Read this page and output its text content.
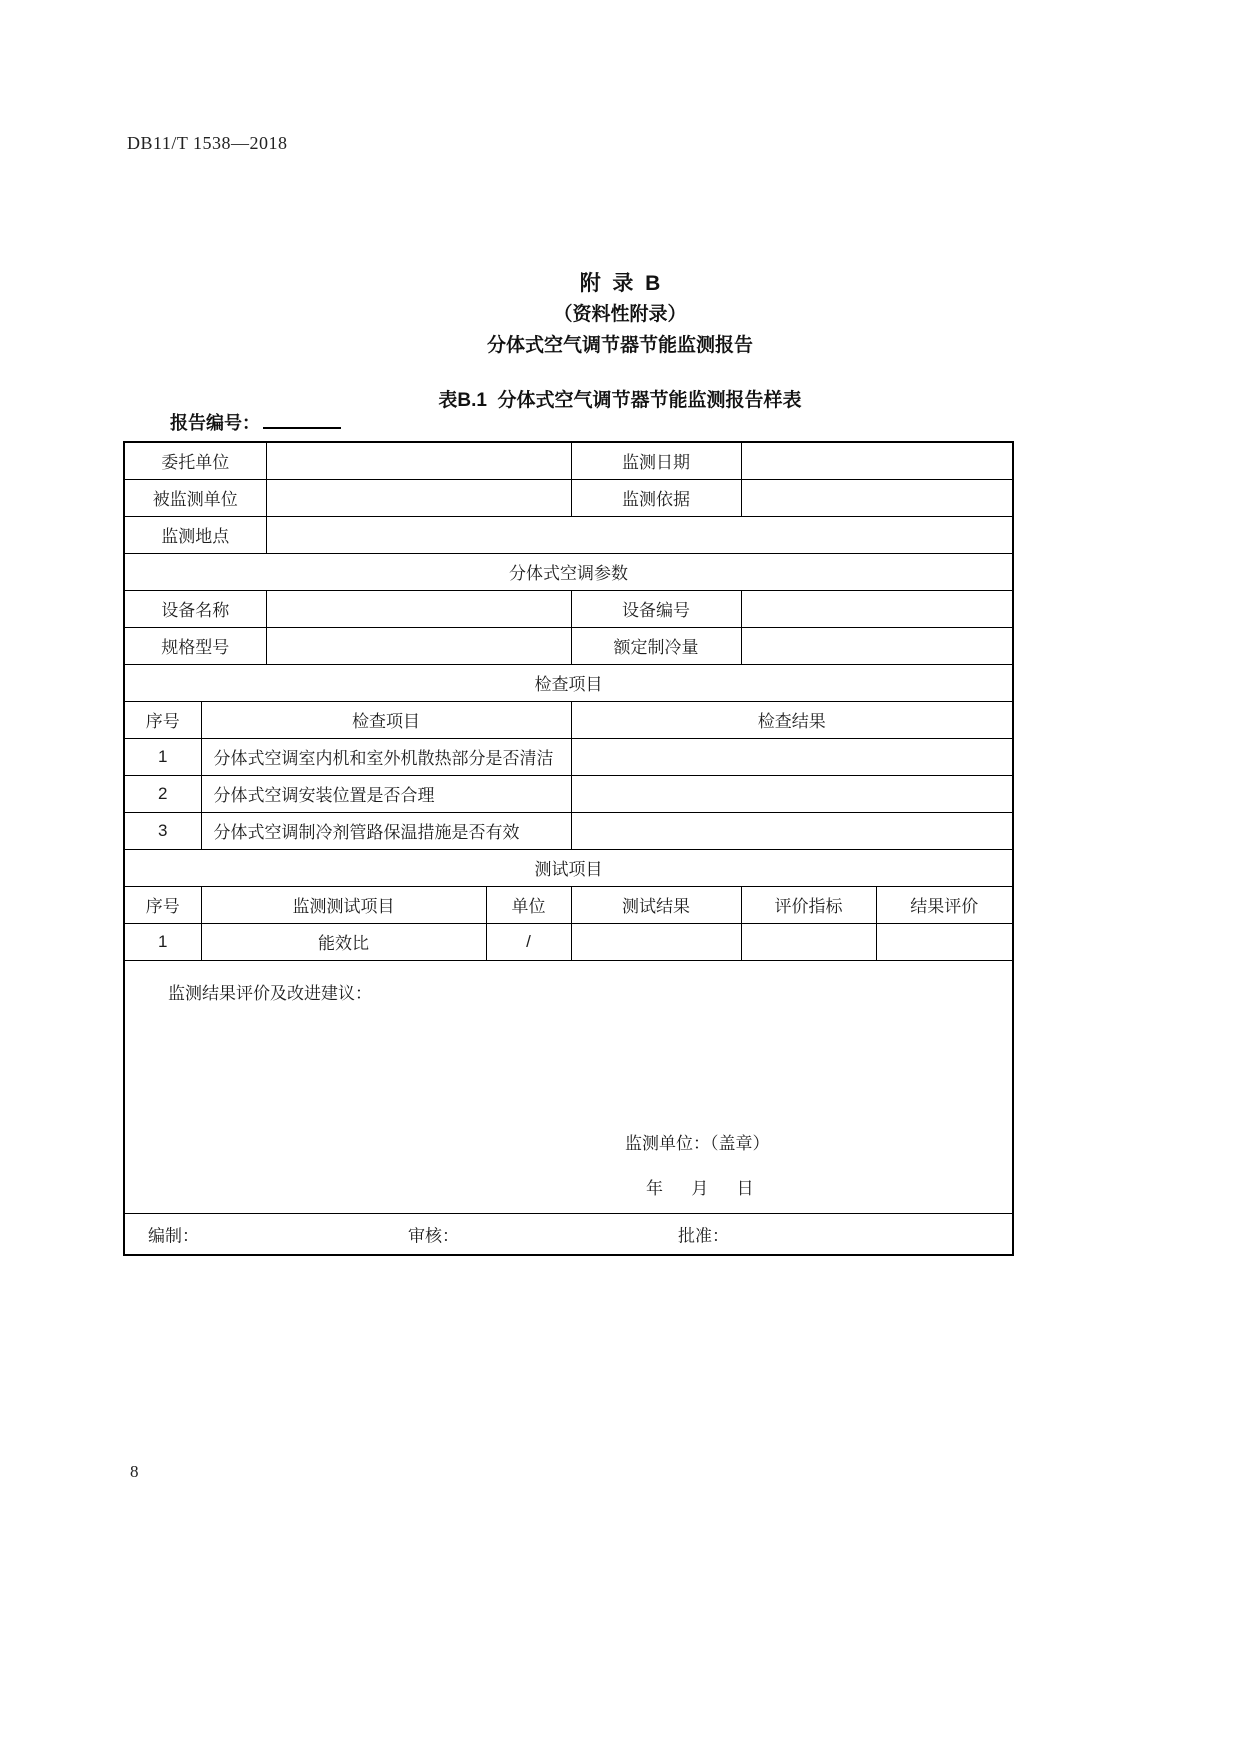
DB11/T 1538—2018
附  录  B
（资料性附录）
分体式空气调节器节能监测报告
表B.1  分体式空气调节器节能监测报告样表
报告编号：
委托单位				监测日期		
被监测单位				监测依据		
监测地点						
分体式空调参数						
设备名称				设备编号		
规格型号				额定制冷量		
检查项目						
序号	检查项目			检查结果		
1	分体式空调室内机和室外机散热部分是否清洁					
2	分体式空调安装位置是否合理					
3	分体式空调制冷剂管路保温措施是否有效					
测试项目						
序号	监测测试项目		单位	测试结果	评价指标	结果评价
1	能效比		/			

监测结果评价及改进建议：
监测单位：（盖章）
年      月      日						

编制： 审核： 批准：						
8
